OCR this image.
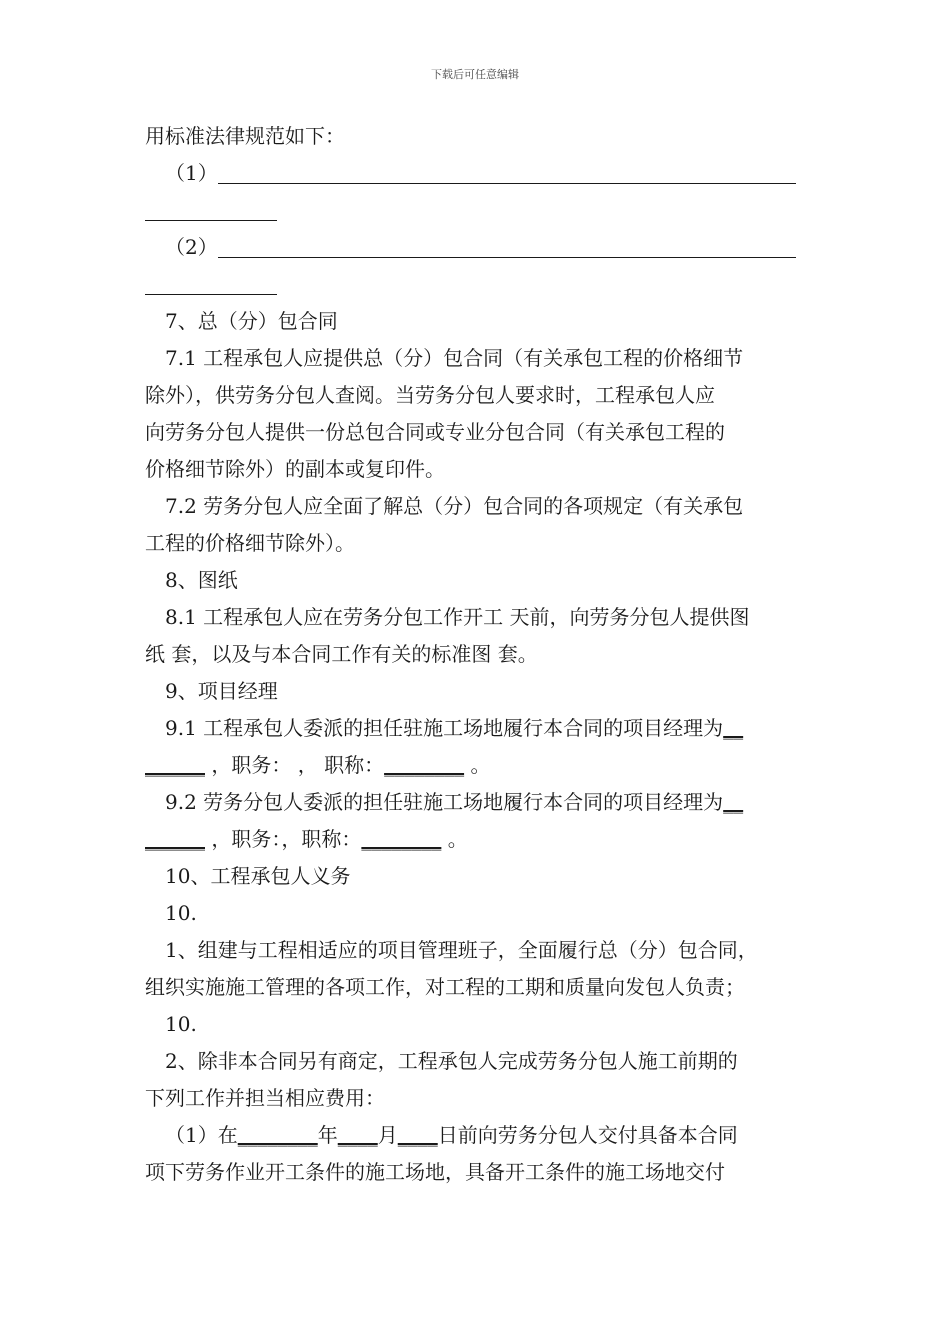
下载后可任意编辑
用标准法律规范如下：
（1）
（2）
7、总（分）包合同
7.1 工程承包人应提供总（分）包合同（有关承包工程的价格细节
除外），供劳务分包人查阅。当劳务分包人要求时，工程承包人应
向劳务分包人提供一份总包合同或专业分包合同（有关承包工程的
价格细节除外）的副本或复印件。
7.2 劳务分包人应全面了解总（分）包合同的各项规定（有关承包
工程的价格细节除外）。
8、图纸
8.1 工程承包人应在劳务分包工作开工 天前，向劳务分包人提供图
纸 套，以及与本合同工作有关的标准图 套。
9、项目经理
9.1 工程承包人委派的担任驻施工场地履行本合同的项目经理为__
______ ，职务： ， 职称：________ 。
9.2 劳务分包人委派的担任驻施工场地履行本合同的项目经理为__
______ ，职务：，职称：________ 。
10、工程承包人义务
10.
1、组建与工程相适应的项目管理班子，全面履行总（分）包合同，
组织实施施工管理的各项工作，对工程的工期和质量向发包人负责；
10.
2、除非本合同另有商定，工程承包人完成劳务分包人施工前期的
下列工作并担当相应费用：
（1）在________年____月____日前向劳务分包人交付具备本合同
项下劳务作业开工条件的施工场地，具备开工条件的施工场地交付
